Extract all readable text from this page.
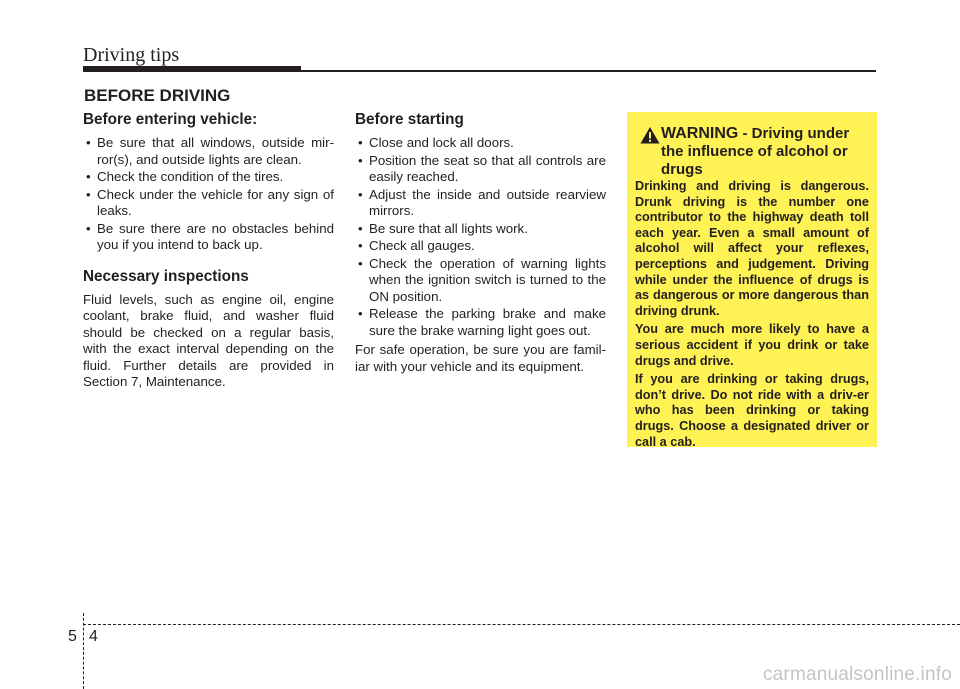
Driving tips
BEFORE DRIVING
Before entering vehicle:
• Be sure that all windows, outside mir-ror(s), and outside lights are clean.
• Check the condition of the tires.
• Check under the vehicle for any sign of leaks.
• Be sure there are no obstacles behind you if you intend to back up.
Necessary inspections

Fluid levels, such as engine oil, engine coolant, brake fluid, and washer fluid should be checked on a regular basis, with the exact interval depending on the fluid. Further details are provided in Section 7, Maintenance.

Before starting
• Close and lock all doors.
• Position the seat so that all controls are easily reached.
• Adjust the inside and outside rearview mirrors.
• Be sure that all lights work.
• Check all gauges.
• Check the operation of warning lights when the ignition switch is turned to the ON position.
• Release the parking brake and make sure the brake warning light goes out.

For safe operation, be sure you are famil-iar with your vehicle and its equipment.

WARNING - Driving under the influence of alcohol or drugs

Drinking and driving is dangerous. Drunk driving is the number one contributor to the highway death toll each year. Even a small amount of alcohol will affect your reflexes, perceptions and judgement. Driving while under the influence of drugs is as dangerous or more dangerous than driving drunk.

You are much more likely to have a serious accident if you drink or take drugs and drive.

If you are drinking or taking drugs, don’t drive. Do not ride with a driv-er who has been drinking or taking drugs. Choose a designated driver or call a cab.

5 4
carmanualsonline.info
